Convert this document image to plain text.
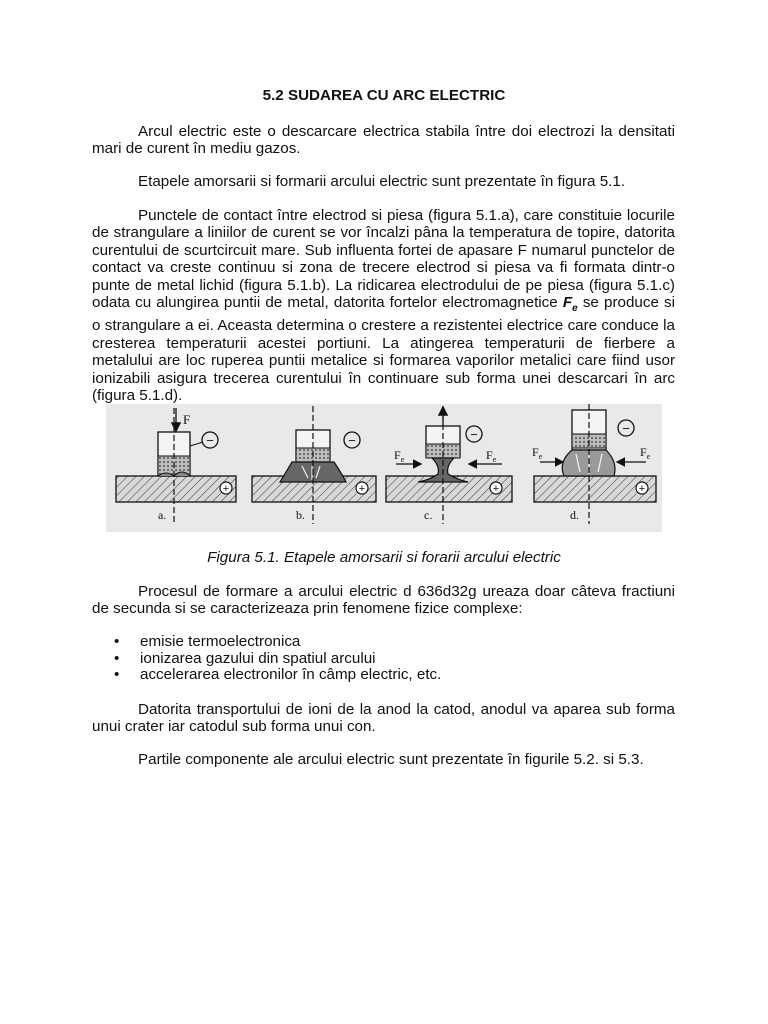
5.2 SUDAREA CU ARC ELECTRIC

Arcul electric este o descarcare electrica stabila între doi electrozi la densitati mari de curent în mediu gazos.

Etapele amorsarii si formarii arcului electric sunt prezentate în figura 5.1.

Punctele de contact între electrod si piesa (figura 5.1.a), care constituie locurile de strangulare a liniilor de curent se vor încalzi pâna la temperatura de topire, datorita curentului de scurtcircuit mare. Sub influenta fortei de apasare F numarul punctelor de contact va creste continuu si zona de trecere electrod si piesa va fi formata dintr-o punte de metal lichid (figura 5.1.b). La ridicarea electrodului de pe piesa (figura 5.1.c) odata cu alungirea puntii de metal, datorita fortelor electromagnetice $F_e$ se produce si o strangulare a ei. Aceasta determina o crestere a rezistentei electrice care conduce la cresterea temperaturii acestei portiuni. La atingerea temperaturii de fierbere a metalului are loc ruperea puntii metalice si formarea vaporilor metalici care fiind usor ionizabili asigura trecerea curentului în continuare sub forma unei descarcari în arc (figura 5.1.d).

F
−
+
a.
−
+
b.
$F_e$	$F_e$
−
+
c.
$F_e$	$F_e$
−
+
d.
Figura 5.1. Etapele amorsarii si forarii arcului electric

Procesul de formare a arcului electric d 636d32g ureaza doar câteva fractiuni de secunda si se caracterizeaza prin fenomene fizice complexe:

• emisie termoelectronica
• ionizarea gazului din spatiul arcului
• accelerarea electronilor în câmp electric, etc.

Datorita transportului de ioni de la anod la catod, anodul va aparea sub forma unui crater iar catodul sub forma unui con.

Partile componente ale arcului electric sunt prezentate în figurile 5.2. si 5.3.
